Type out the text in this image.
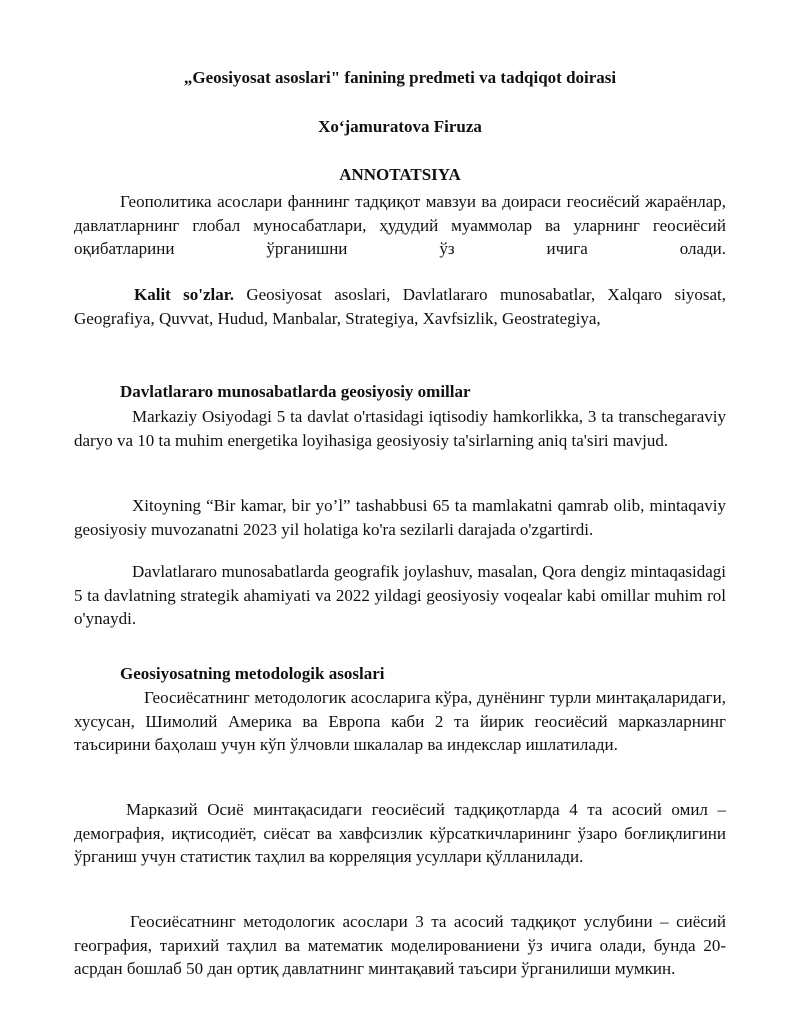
„Geosiyosat asoslari" fanining predmeti va tadqiqot doirasi

Xo‘jamuratova Firuza

ANNOTATSIYA

Геополитика асослари фаннинг тадқиқот мавзуи ва доираси геосиёсий жараёнлар, давлатларнинг глобал муносабатлари, ҳудудий муаммолар ва уларнинг геосиёсий оқибатларини ўрганишни ўз ичига олади.

Kalit so'zlar. Geosiyosat asoslari, Davlatlararo munosabatlar, Xalqaro siyosat, Geografiya, Quvvat, Hudud, Manbalar, Strategiya, Xavfsizlik, Geostrategiya,

Davlatlararo munosabatlarda geosiyosiy omillar

Markaziy Osiyodagi 5 ta davlat o'rtasidagi iqtisodiy hamkorlikka, 3 ta transchegaraviy daryo va 10 ta muhim energetika loyihasiga geosiyosiy ta'sirlarning aniq ta'siri mavjud.

Xitoyning “Bir kamar, bir yo’l” tashabbusi 65 ta mamlakatni qamrab olib, mintaqaviy geosiyosiy muvozanatni 2023 yil holatiga ko'ra sezilarli darajada o'zgartirdi.

Davlatlararo munosabatlarda geografik joylashuv, masalan, Qora dengiz mintaqasidagi 5 ta davlatning strategik ahamiyati va 2022 yildagi geosiyosiy voqealar kabi omillar muhim rol o'ynaydi.

Geosiyosatning metodologik asoslari

Геосиёсатнинг методологик асосларига кўра, дунёнинг турли минтақаларидаги, хусусан, Шимолий Америка ва Европа каби 2 та йирик геосиёсий марказларнинг таъсирини баҳолаш учун кўп ўлчовли шкалалар ва индекслар ишлатилади.

Марказий Осиё минтақасидаги геосиёсий тадқиқотларда 4 та асосий омил – демография, иқтисодиёт, сиёсат ва хавфсизлик кўрсаткичларининг ўзаро боғлиқлигини ўрганиш учун статистик таҳлил ва корреляция усуллари қўлланилади.

Геосиёсатнинг методологик асослари 3 та асосий тадқиқот услубини – сиёсий география, тарихий таҳлил ва математик моделированиени ўз ичига олади, бунда 20-асрдан бошлаб 50 дан ортиқ давлатнинг минтақавий таъсири ўрганилиши мумкин.
